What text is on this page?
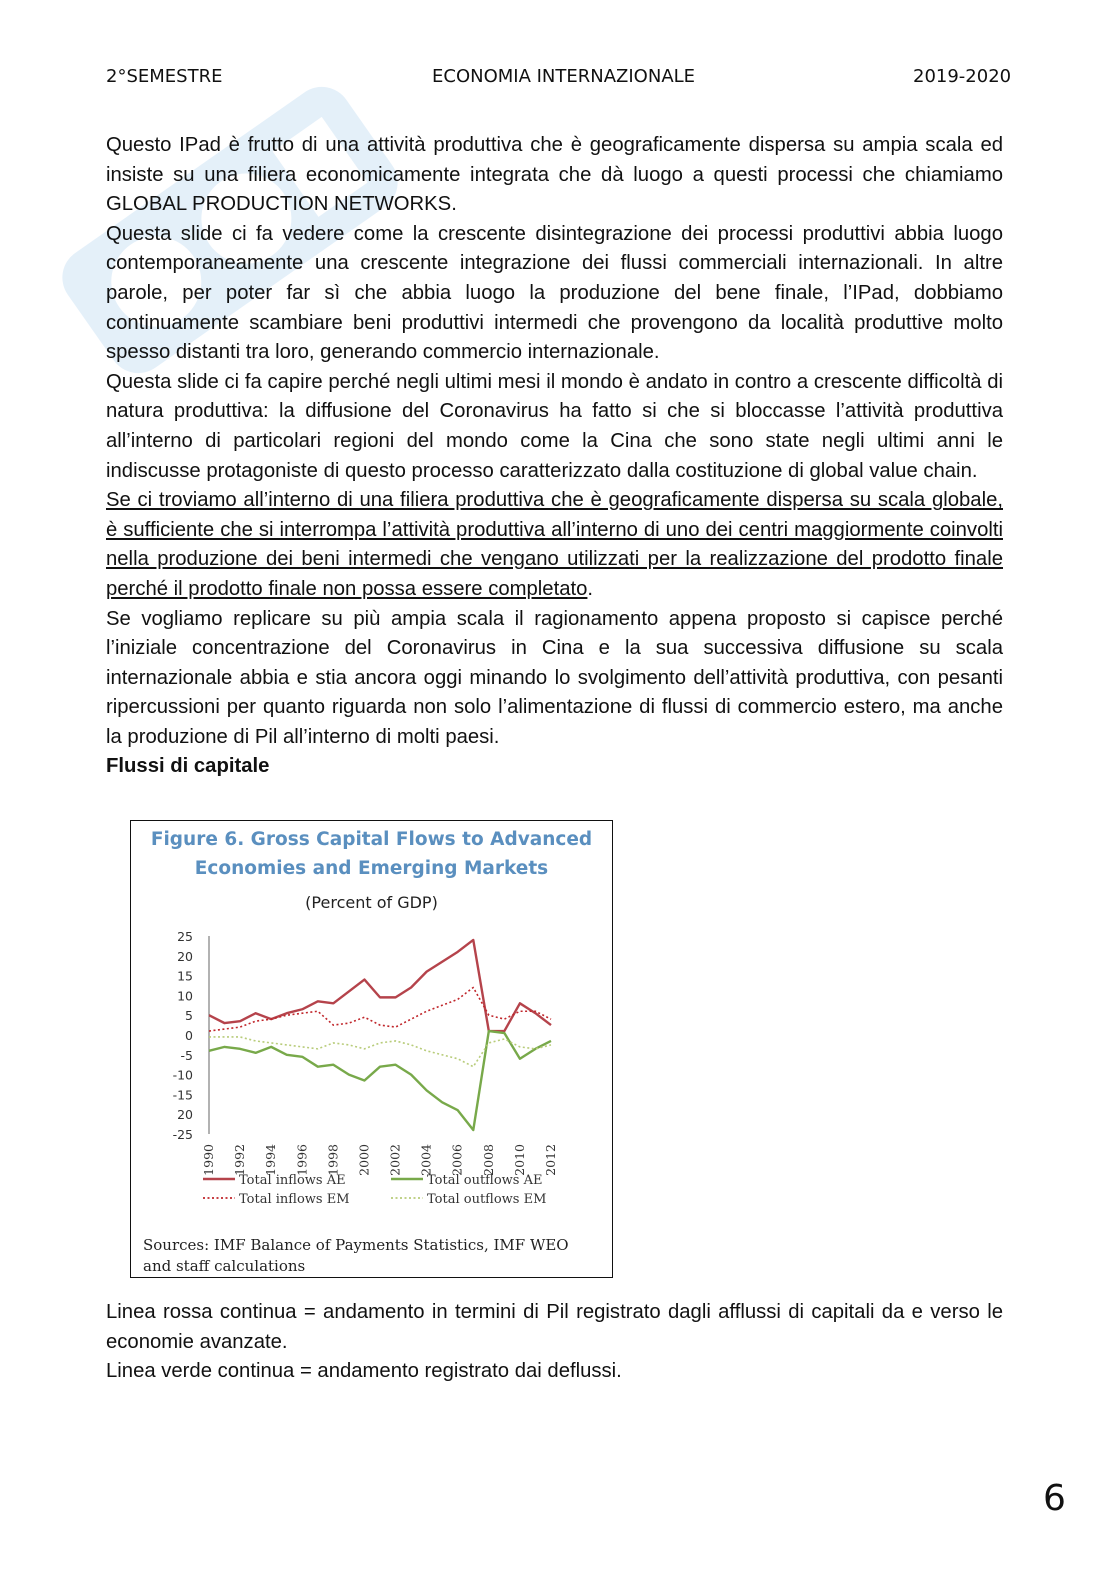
2°SEMESTRE	ECONOMIA INTERNAZIONALE	2019-2020

Questo IPad è frutto di una attività produttiva che è geograficamente dispersa su ampia scala ed insiste su una filiera economicamente integrata che dà luogo a questi processi che chiamiamo GLOBAL PRODUCTION NETWORKS.

Questa slide ci fa vedere come la crescente disintegrazione dei processi produttivi abbia luogo contemporaneamente una crescente integrazione dei flussi commerciali internazionali. In altre parole, per poter far sì che abbia luogo la produzione del bene finale, l’IPad, dobbiamo continuamente scambiare beni produttivi intermedi che provengono da località produttive molto spesso distanti tra loro, generando commercio internazionale.

Questa slide ci fa capire perché negli ultimi mesi il mondo è andato in contro a crescente difficoltà di natura produttiva: la diffusione del Coronavirus ha fatto si che si bloccasse l’attività produttiva all’interno di particolari regioni del mondo come la Cina che sono state negli ultimi anni le indiscusse protagoniste di questo processo caratterizzato dalla costituzione di global value chain.

Se ci troviamo all’interno di una filiera produttiva che è geograficamente dispersa su scala globale, è sufficiente che si interrompa l’attività produttiva all’interno di uno dei centri maggiormente coinvolti nella produzione dei beni intermedi che vengano utilizzati per la realizzazione del prodotto finale perché il prodotto finale non possa essere completato.

Se vogliamo replicare su più ampia scala il ragionamento appena proposto si capisce perché l’iniziale concentrazione del Coronavirus in Cina e la sua successiva diffusione su scala internazionale abbia e stia ancora oggi minando lo svolgimento dell’attività produttiva, con pesanti ripercussioni per quanto riguarda non solo l’alimentazione di flussi di commercio estero, ma anche la produzione di Pil all’interno di molti paesi.

Flussi di capitale

Figure 6. Gross Capital Flows to Advanced
Economies and Emerging Markets
(Percent of GDP)
25
20
15
10
5
0
-5
-10
-15
20
-25
1990 1992 1994 1996 1998 2000 2002 2004 2006 2008 2010 2012
Total inflows AE	Total outflows AE
Total inflows EM	Total outflows EM
Sources: IMF Balance of Payments Statistics, IMF WEO and staff calculations

Linea rossa continua = andamento in termini di Pil registrato dagli afflussi di capitali da e verso le economie avanzate.

Linea verde continua = andamento registrato dai deflussi.

6
